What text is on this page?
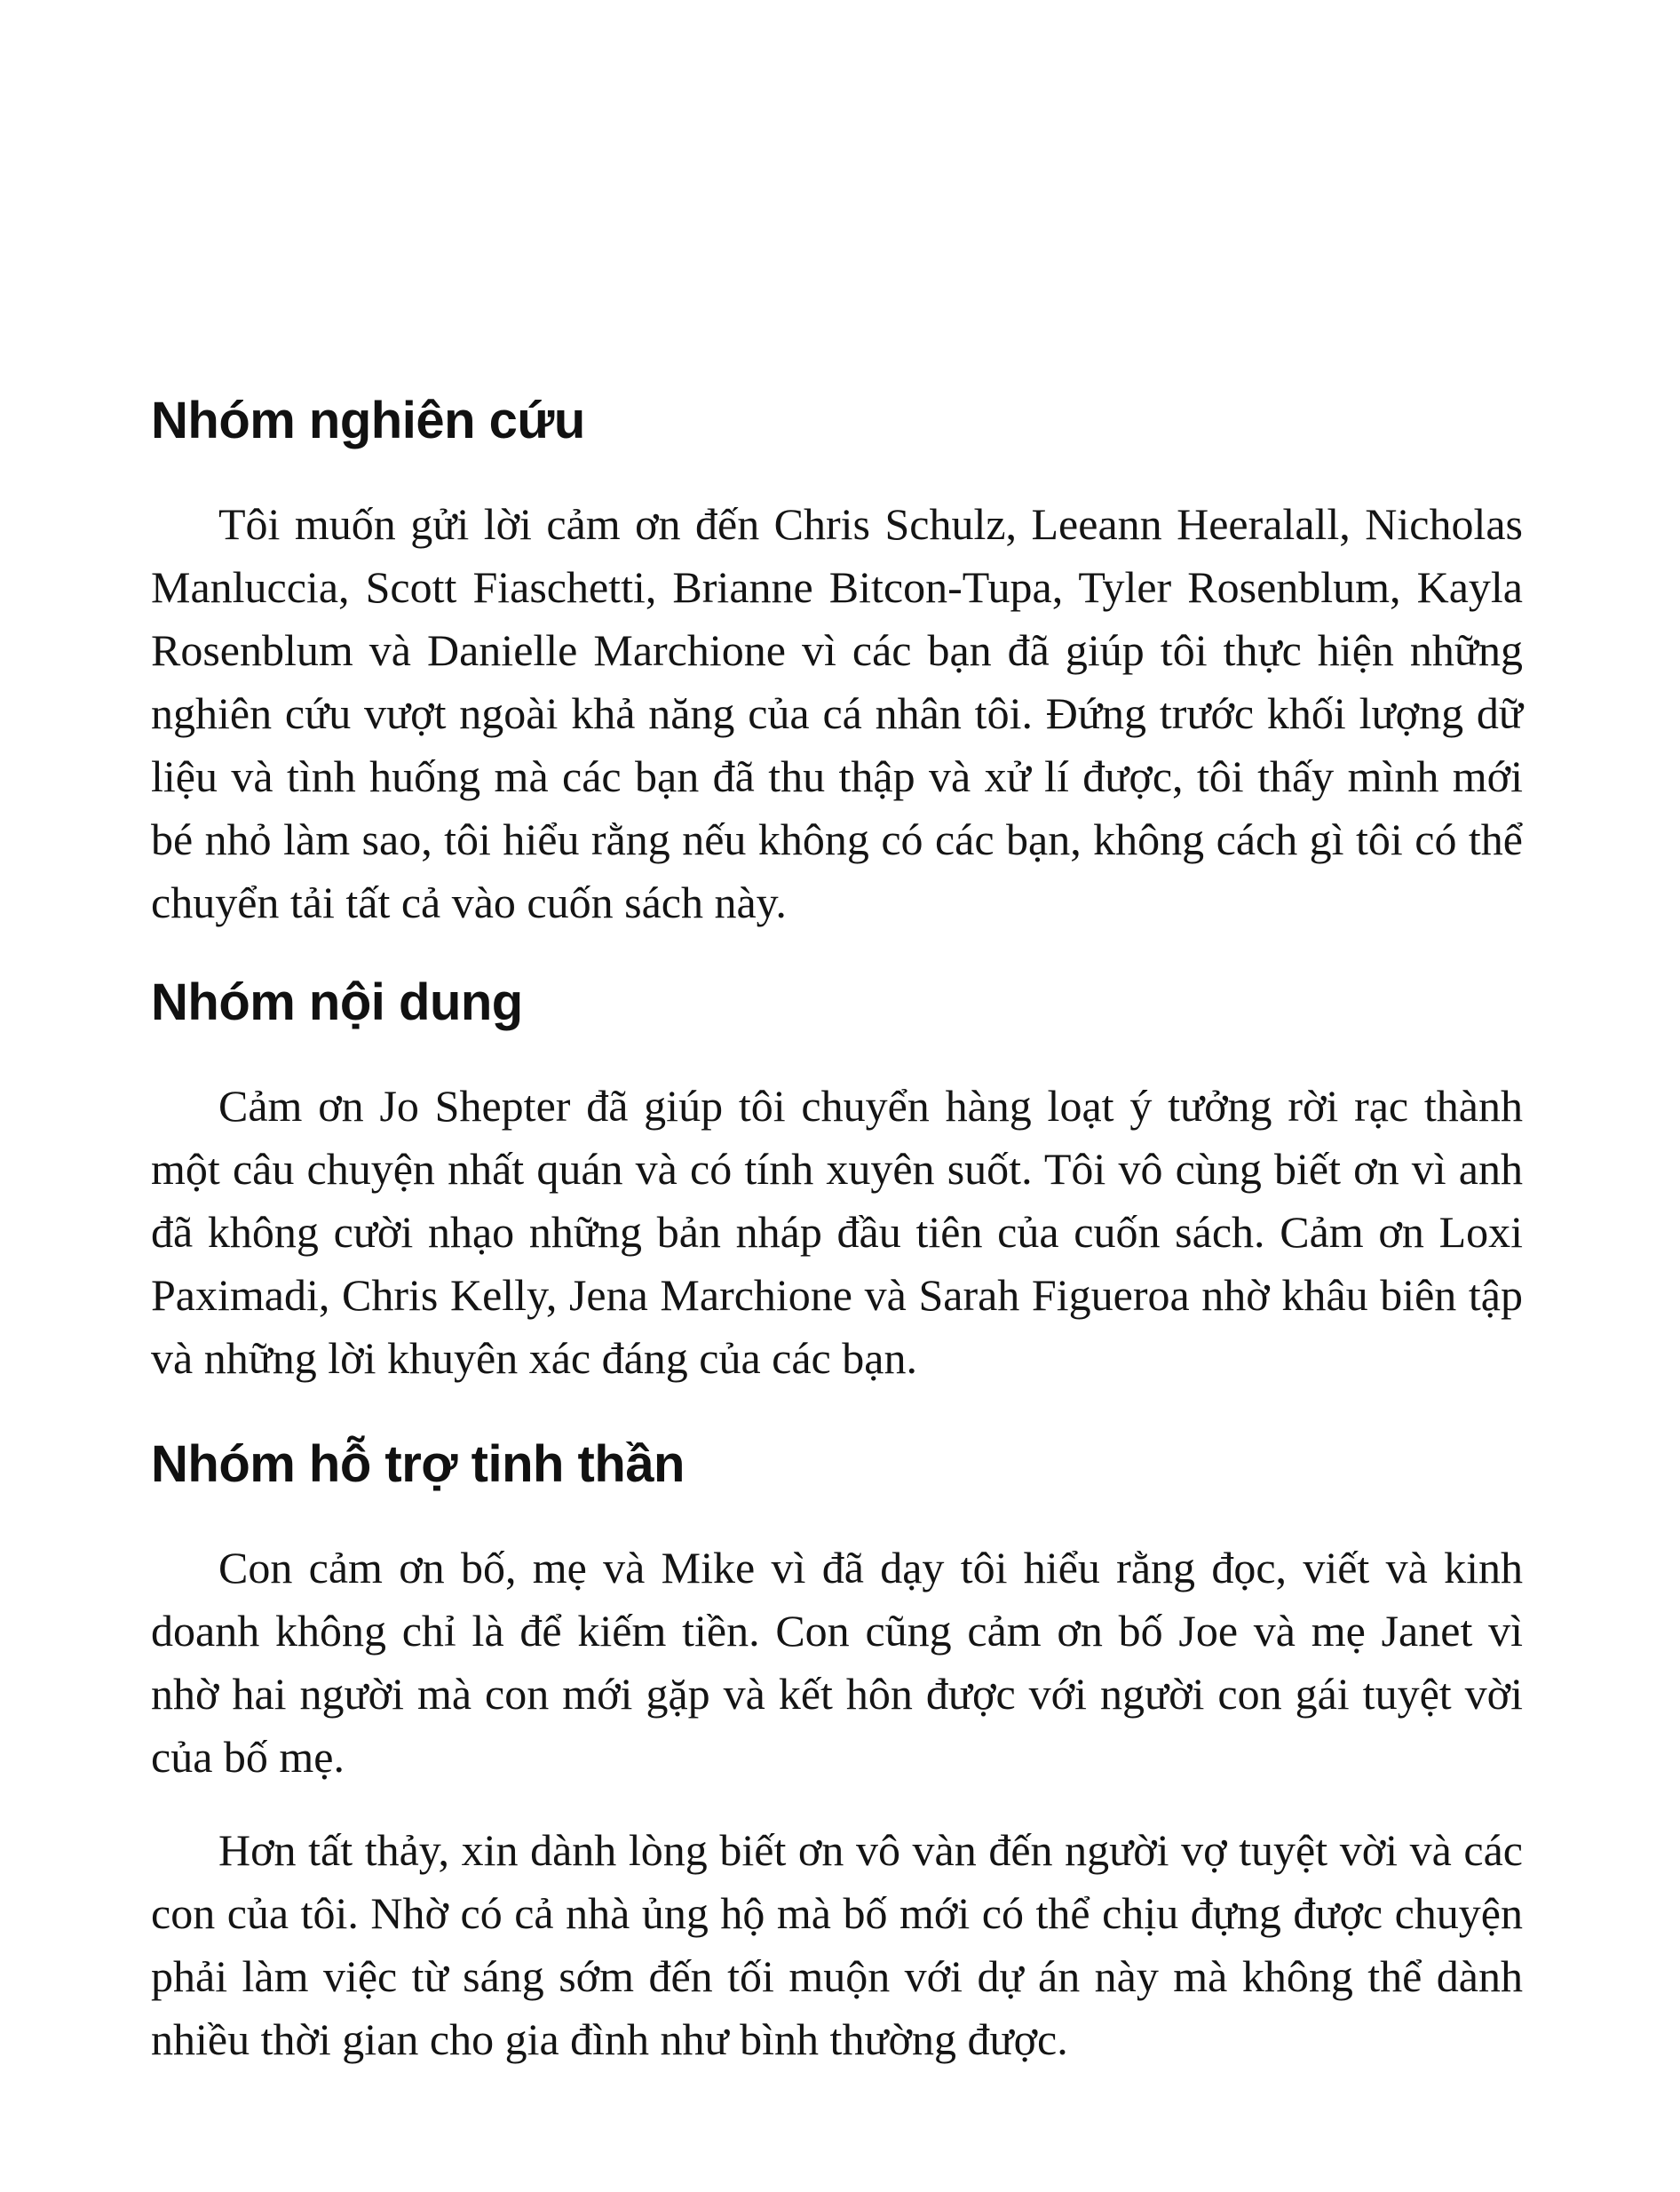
Nhóm nghiên cứu

Tôi muốn gửi lời cảm ơn đến Chris Schulz, Leeann Heeralall, Nicholas Manluccia, Scott Fiaschetti, Brianne Bitcon-Tupa, Tyler Rosenblum, Kayla Rosenblum và Danielle Marchione vì các bạn đã giúp tôi thực hiện những nghiên cứu vượt ngoài khả năng của cá nhân tôi. Đứng trước khối lượng dữ liệu và tình huống mà các bạn đã thu thập và xử lí được, tôi thấy mình mới bé nhỏ làm sao, tôi hiểu rằng nếu không có các bạn, không cách gì tôi có thể chuyển tải tất cả vào cuốn sách này.

Nhóm nội dung

Cảm ơn Jo Shepter đã giúp tôi chuyển hàng loạt ý tưởng rời rạc thành một câu chuyện nhất quán và có tính xuyên suốt. Tôi vô cùng biết ơn vì anh đã không cười nhạo những bản nháp đầu tiên của cuốn sách. Cảm ơn Loxi Paximadi, Chris Kelly, Jena Marchione và Sarah Figueroa nhờ khâu biên tập và những lời khuyên xác đáng của các bạn.

Nhóm hỗ trợ tinh thần

Con cảm ơn bố, mẹ và Mike vì đã dạy tôi hiểu rằng đọc, viết và kinh doanh không chỉ là để kiếm tiền. Con cũng cảm ơn bố Joe và mẹ Janet vì nhờ hai người mà con mới gặp và kết hôn được với người con gái tuyệt vời của bố mẹ.

Hơn tất thảy, xin dành lòng biết ơn vô vàn đến người vợ tuyệt vời và các con của tôi. Nhờ có cả nhà ủng hộ mà bố mới có thể chịu đựng được chuyện phải làm việc từ sáng sớm đến tối muộn với dự án này mà không thể dành nhiều thời gian cho gia đình như bình thường được.
